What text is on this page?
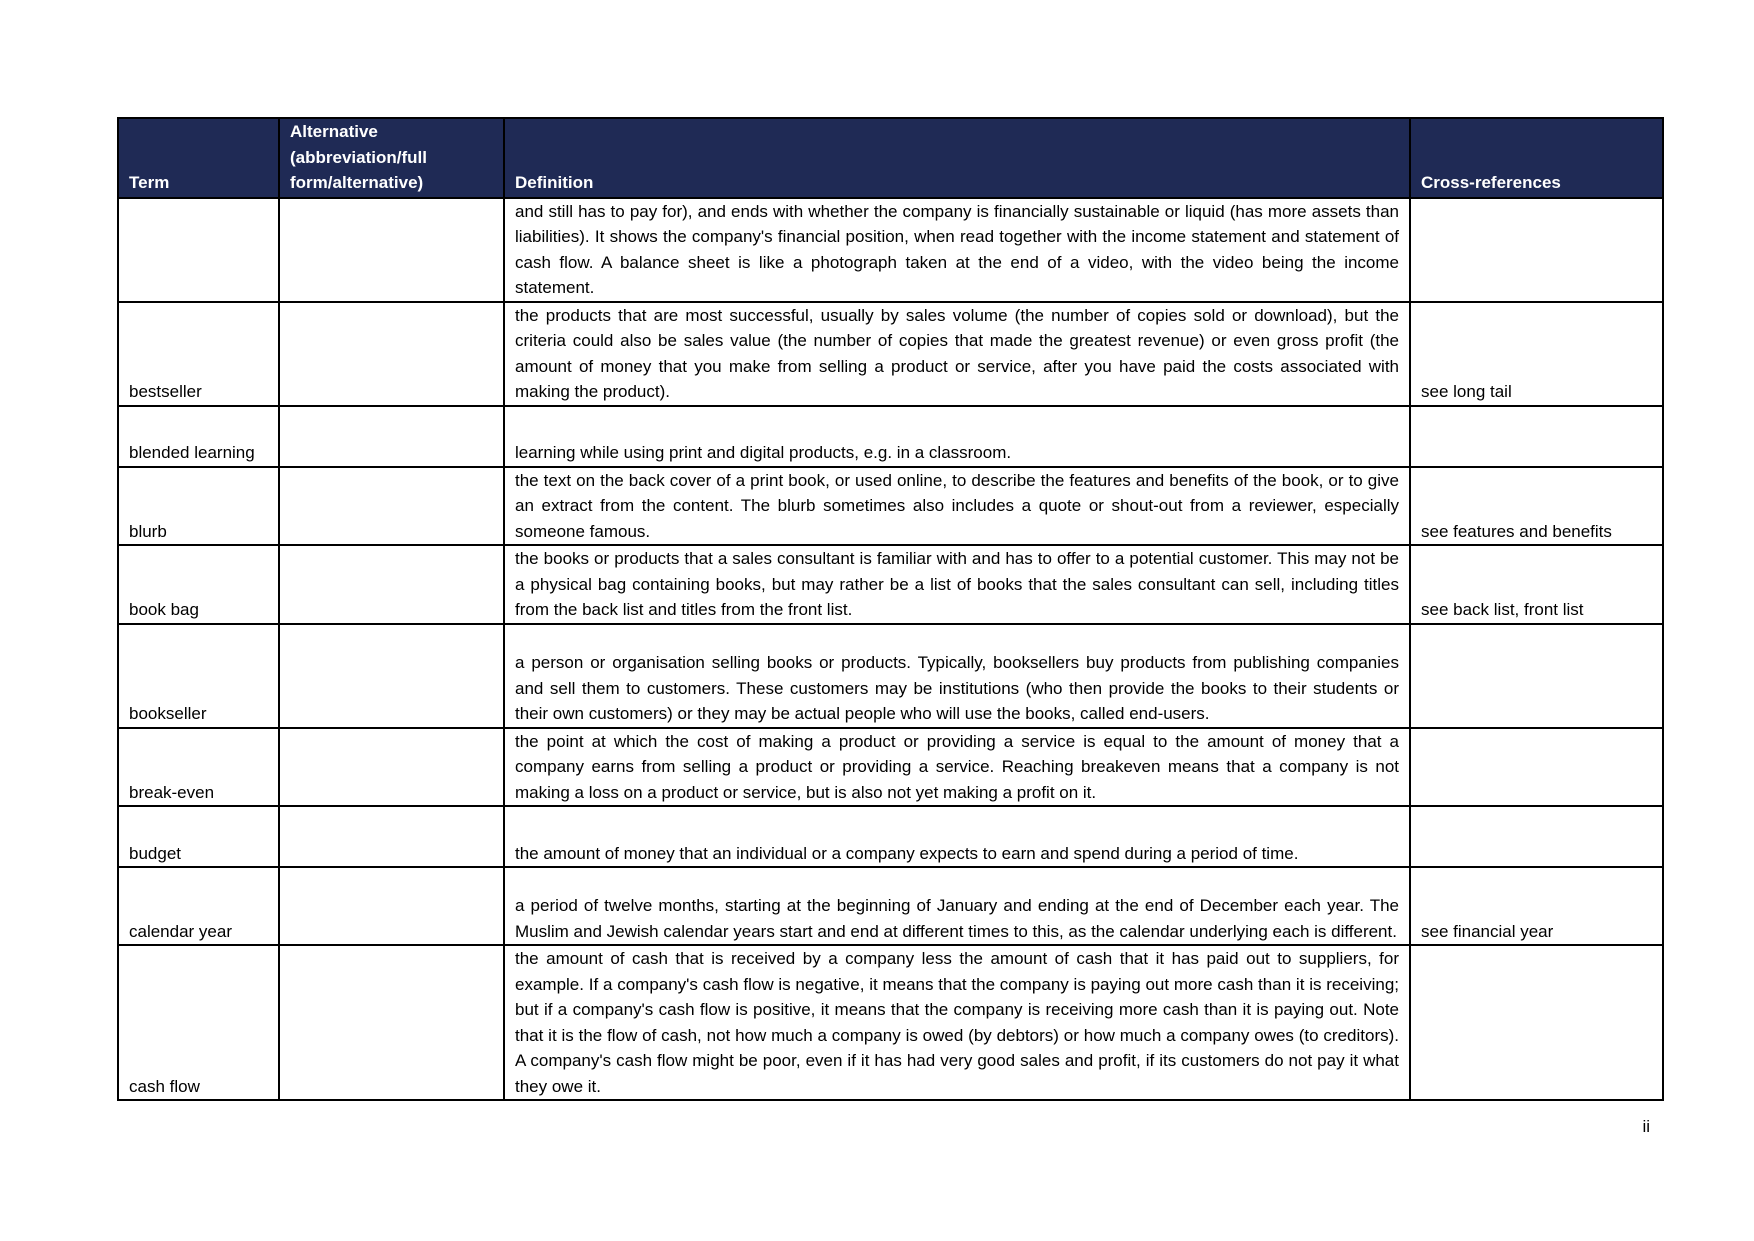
Term	Alternative (abbreviation/full form/alternative)	Definition	Cross-references
		and still has to pay for), and ends with whether the company is financially sustainable or liquid (has more assets than liabilities). It shows the company's financial position, when read together with the income statement and statement of cash flow. A balance sheet is like a photograph taken at the end of a video, with the video being the income statement.	
bestseller		the products that are most successful, usually by sales volume (the number of copies sold or download), but the criteria could also be sales value (the number of copies that made the greatest revenue) or even gross profit (the amount of money that you make from selling a product or service, after you have paid the costs associated with making the product).	see long tail
blended learning		learning while using print and digital products, e.g. in a classroom.	
blurb		the text on the back cover of a print book, or used online, to describe the features and benefits of the book, or to give an extract from the content. The blurb sometimes also includes a quote or shout-out from a reviewer, especially someone famous.	see features and benefits
book bag		the books or products that a sales consultant is familiar with and has to offer to a potential customer. This may not be a physical bag containing books, but may rather be a list of books that the sales consultant can sell, including titles from the back list and titles from the front list.	see back list, front list
bookseller		a person or organisation selling books or products. Typically, booksellers buy products from publishing companies and sell them to customers. These customers may be institutions (who then provide the books to their students or their own customers) or they may be actual people who will use the books, called end-users.	
break-even		the point at which the cost of making a product or providing a service is equal to the amount of money that a company earns from selling a product or providing a service. Reaching breakeven means that a company is not making a loss on a product or service, but is also not yet making a profit on it.	
budget		the amount of money that an individual or a company expects to earn and spend during a period of time.	
calendar year		a period of twelve months, starting at the beginning of January and ending at the end of December each year. The Muslim and Jewish calendar years start and end at different times to this, as the calendar underlying each is different.	see financial year
cash flow		the amount of cash that is received by a company less the amount of cash that it has paid out to suppliers, for example. If a company's cash flow is negative, it means that the company is paying out more cash than it is receiving; but if a company's cash flow is positive, it means that the company is receiving more cash than it is paying out. Note that it is the flow of cash, not how much a company is owed (by debtors) or how much a company owes (to creditors). A company's cash flow might be poor, even if it has had very good sales and profit, if its customers do not pay it what they owe it.	
ii
